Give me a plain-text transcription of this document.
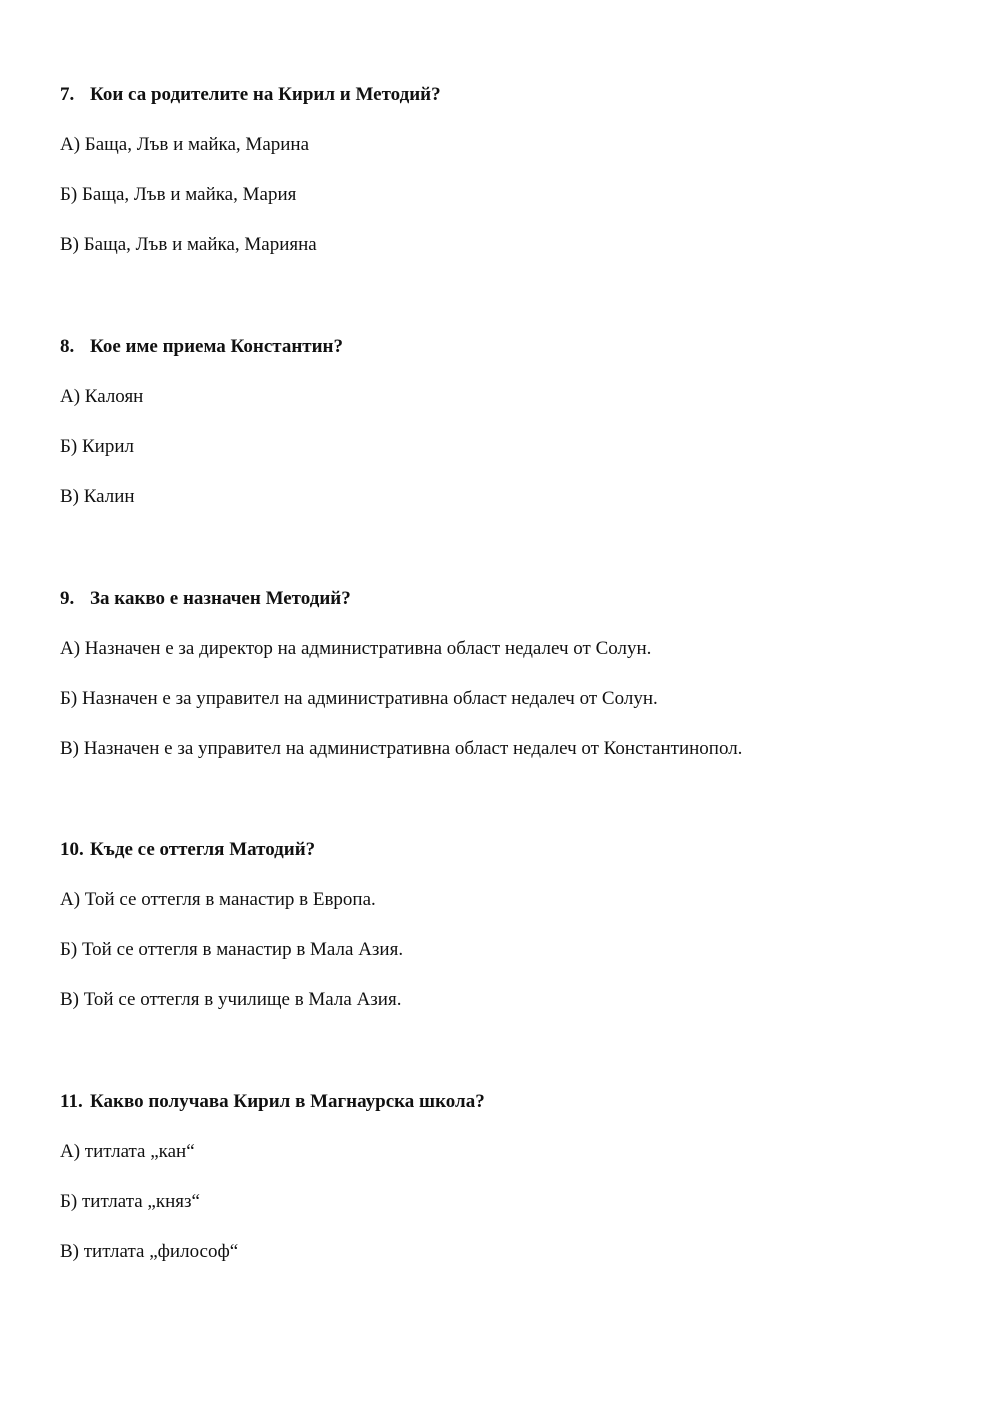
7. Кои са родителите на Кирил и Методий?

А) Баща, Лъв и майка, Марина

Б) Баща, Лъв и майка, Мария

В) Баща, Лъв и майка, Марияна

8. Кое име приема Константин?

А) Калоян

Б) Кирил

В) Калин

9. За какво е назначен Методий?

А) Назначен е за директор на административна област недалеч от Солун.

Б) Назначен е за управител на административна област недалеч от Солун.

В) Назначен е за управител на административна област недалеч от Константинопол.

10. Къде се оттегля Матодий?

А) Той се оттегля в манастир в Европа.

Б) Той се оттегля в манастир в Мала Азия.

В) Той се оттегля в училище в Мала Азия.

11. Какво получава Кирил в Магнаурска школа?

А) титлата „кан“

Б) титлата „княз“

В) титлата „философ“
